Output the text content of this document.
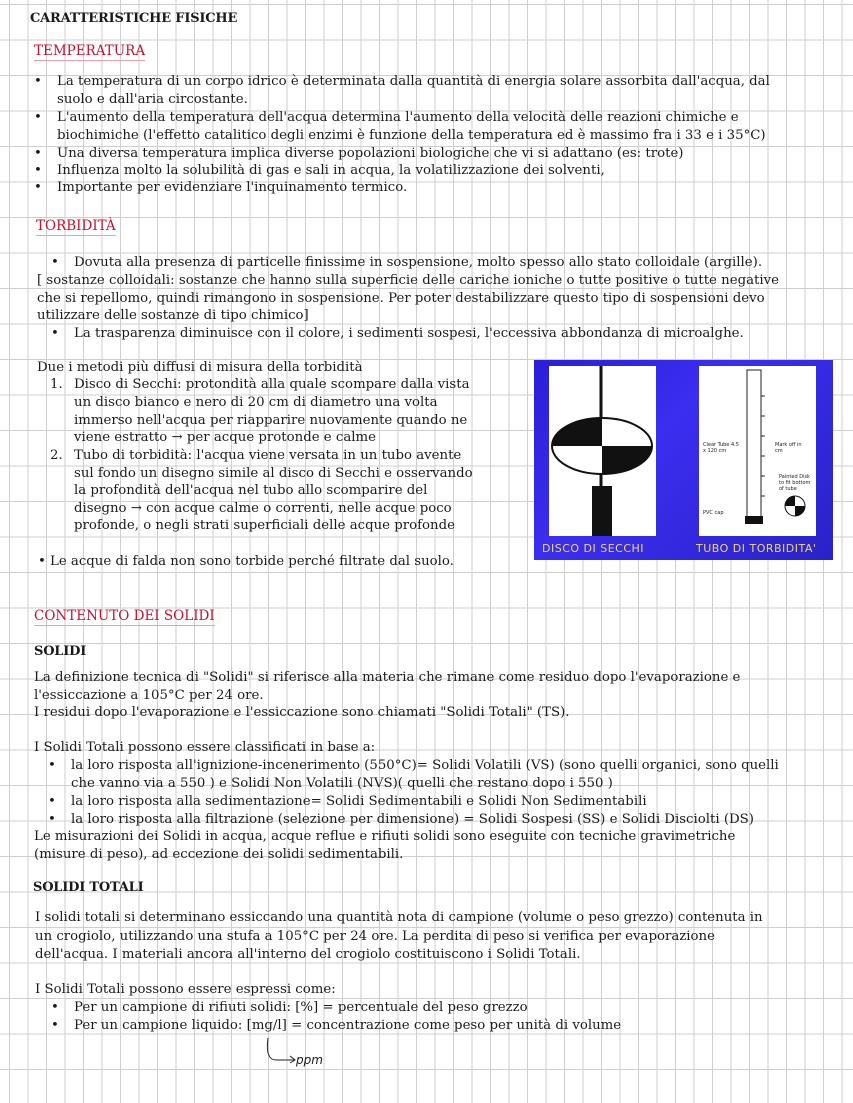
CARATTERISTICHE FISICHE
TEMPERATURA
•
La temperatura di un corpo idrico è determinata dalla quantità di energia solare assorbita dall'acqua, dal
suolo e dall'aria circostante.
•
L'aumento della temperatura dell'acqua determina l'aumento della velocità delle reazioni chimiche e
biochimiche (l'effetto catalitico degli enzimi è funzione della temperatura ed è massimo fra i 33 e i 35°C)
•
Una diversa temperatura implica diverse popolazioni biologiche che vi si adattano (es: trote)
•
Influenza molto la solubilità di gas e sali in acqua, la volatilizzazione dei solventi,
•
Importante per evidenziare l'inquinamento termico.
TORBIDITÀ
•
Dovuta alla presenza di particelle finissime in sospensione, molto spesso allo stato colloidale (argille).
[ sostanze colloidali: sostanze che hanno sulla superficie delle cariche ioniche o tutte positive o tutte negative
che si repellomo, quindi rimangono in sospensione. Per poter destabilizzare questo tipo di sospensioni devo
utilizzare delle sostanze di tipo chimico]
•
La trasparenza diminuisce con il colore, i sedimenti sospesi, l'eccessiva abbondanza di microalghe.
Due i metodi più diffusi di misura della torbidità
1. Disco di Secchi: protondità alla quale scompare dalla vista
un disco bianco e nero di 20 cm di diametro una volta
immerso nell'acqua per riapparire nuovamente quando ne
viene estratto → per acque protonde e calme
2. Tubo di torbidità: l'acqua viene versata in un tubo avente
sul fondo un disegno simile al disco di Secchi e osservando
la profondità dell'acqua nel tubo allo scomparire del
disegno → con acque calme o correnti, nelle acque poco
profonde, o negli strati superficiali delle acque profonde
•
Le acque di falda non sono torbide perché filtrate dal suolo.
Clear Tube 4.5 x 120 cm
Mark off in cm
Painted Disk to fit bottom of tube
PVC cap
DISCO DI SECCHI	TUBO DI TORBIDITA'
CONTENUTO DEI SOLIDI
SOLIDI
La definizione tecnica di "Solidi" si riferisce alla materia che rimane come residuo dopo l'evaporazione e
l'essiccazione a 105°C per 24 ore.
I residui dopo l'evaporazione e l'essiccazione sono chiamati "Solidi Totali" (TS).
I Solidi Totali possono essere classificati in base a:
•
la loro risposta all'ignizione-incenerimento (550°C)= Solidi Volatili (VS) (sono quelli organici, sono quelli
che vanno via a 550 ) e Solidi Non Volatili (NVS)( quelli che restano dopo i 550 )
•
la loro risposta alla sedimentazione= Solidi Sedimentabili e Solidi Non Sedimentabili
•
la loro risposta alla filtrazione (selezione per dimensione) = Solidi Sospesi (SS) e Solidi Disciolti (DS)
Le misurazioni dei Solidi in acqua, acque reflue e rifiuti solidi sono eseguite con tecniche gravimetriche
(misure di peso), ad eccezione dei solidi sedimentabili.
SOLIDI TOTALI
I solidi totali si determinano essiccando una quantità nota di campione (volume o peso grezzo) contenuta in
un crogiolo, utilizzando una stufa a 105°C per 24 ore. La perdita di peso si verifica per evaporazione
dell'acqua. I materiali ancora all'interno del crogiolo costituiscono i Solidi Totali.
I Solidi Totali possono essere espressi come:
•
Per un campione di rifiuti solidi: [%] = percentuale del peso grezzo
•
Per un campione liquido: [mg/l] = concentrazione come peso per unità di volume
ppm
